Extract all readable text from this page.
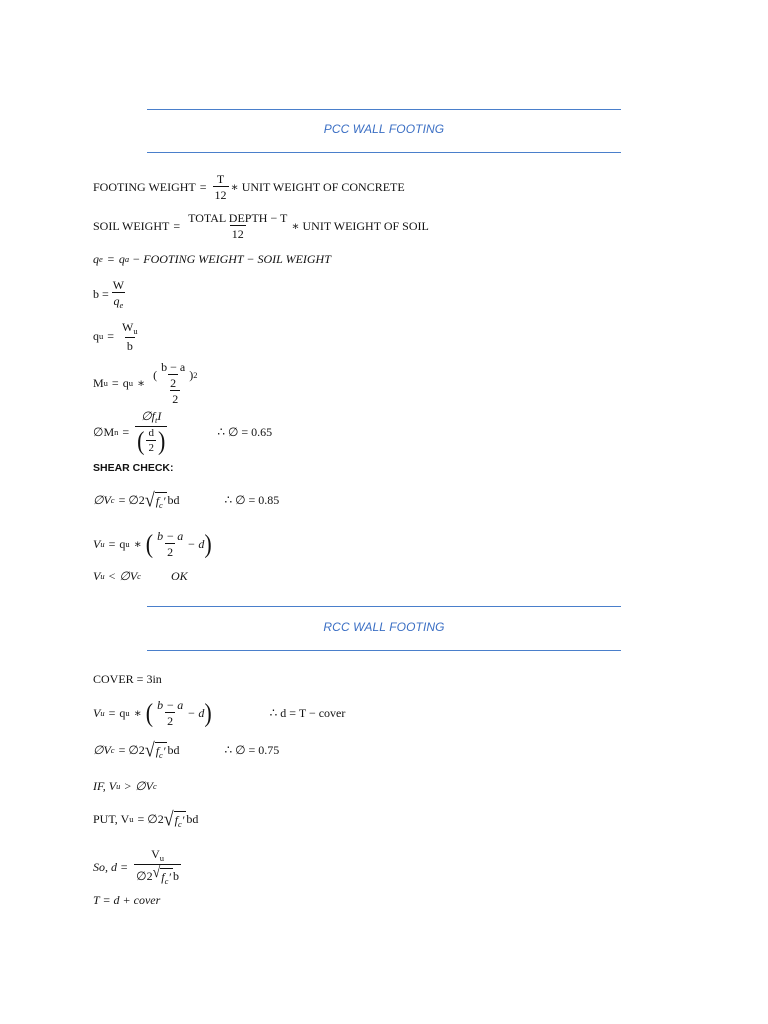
PCC WALL FOOTING
FOOTING WEIGHT = $\frac{T}{12}$ ∗ UNIT WEIGHT OF CONCRETE
SOIL WEIGHT = $\frac{\text{TOTAL DEPTH − T}}{12}$ ∗ UNIT WEIGHT OF SOIL
q e = q a − FOOTING WEIGHT − SOIL WEIGHT
$b = \frac{W}{q_e}$
q $u = \frac{W_u}{b}$
M u = q u ∗ $\frac{( \frac{b - a}{2} ) 2}{2}$
∅M $n = \frac{\emptyset f_tI}{( \frac{d}{2} )}$	∴ ∅ = 0.65
SHEAR CHECK:
∅V c = ∅2 √ $f_c'$ bd	∴ ∅ = 0.85
V u = q u ∗ ( $\frac{b - a}{2} - d$ )
V u < ∅V c	OK
RCC WALL FOOTING
COVER = 3in
V u = q u ∗ ( $\frac{b - a}{2} - d$ )	∴ d = T − cover
∅V c = ∅2 √ $f_c'$ bd	∴ ∅ = 0.75
IF, V u > ∅V c
PUT, V u = ∅2 √ $f_c'$ bd
So, $d = \frac{V_u}{\emptyset 2 √ f_c' b}$
T = d + cover
